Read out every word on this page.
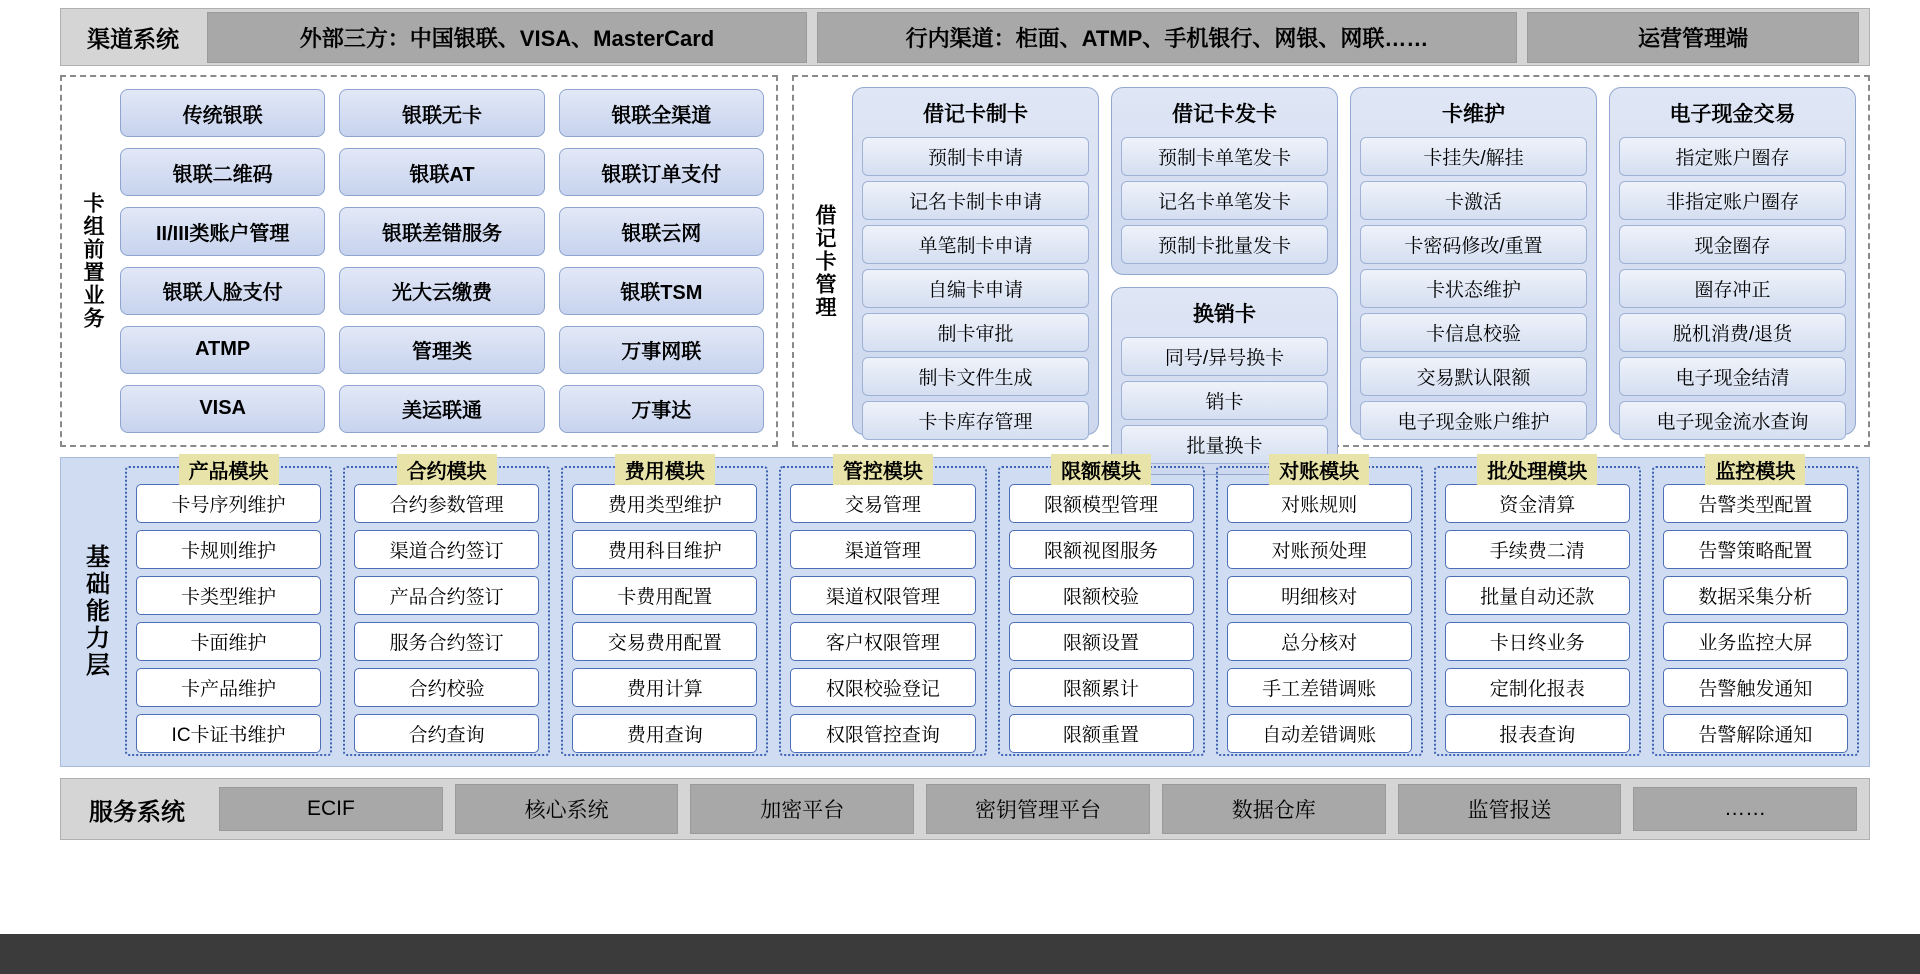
渠道系统	外部三方：中国银联、VISA、MasterCard	行内渠道：柜面、ATMP、手机银行、网银、网联……	运营管理端
卡组前置业务
传统银联	银联无卡	银联全渠道
银联二维码	银联AT	银联订单支付
II/III类账户管理	银联差错服务	银联云网
银联人脸支付	光大云缴费	银联TSM
ATMP	管理类	万事网联
VISA	美运联通	万事达
借记卡管理
借记卡制卡
预制卡申请
记名卡制卡申请
单笔制卡申请
自编卡申请
制卡审批
制卡文件生成
卡卡库存管理
借记卡发卡
预制卡单笔发卡
记名卡单笔发卡
预制卡批量发卡
换销卡
同号/异号换卡
销卡
批量换卡
卡维护
卡挂失/解挂
卡激活
卡密码修改/重置
卡状态维护
卡信息校验
交易默认限额
电子现金账户维护
电子现金交易
指定账户圈存
非指定账户圈存
现金圈存
圈存冲正
脱机消费/退货
电子现金结清
电子现金流水查询
基础能力层
产品模块
卡号序列维护
卡规则维护
卡类型维护
卡面维护
卡产品维护
IC卡证书维护
合约模块
合约参数管理
渠道合约签订
产品合约签订
服务合约签订
合约校验
合约查询
费用模块
费用类型维护
费用科目维护
卡费用配置
交易费用配置
费用计算
费用查询
管控模块
交易管理
渠道管理
渠道权限管理
客户权限管理
权限校验登记
权限管控查询
限额模块
限额模型管理
限额视图服务
限额校验
限额设置
限额累计
限额重置
对账模块
对账规则
对账预处理
明细核对
总分核对
手工差错调账
自动差错调账
批处理模块
资金清算
手续费二清
批量自动还款
卡日终业务
定制化报表
报表查询
监控模块
告警类型配置
告警策略配置
数据采集分析
业务监控大屏
告警触发通知
告警解除通知
服务系统	ECIF	核心系统	加密平台	密钥管理平台	数据仓库	监管报送	……
